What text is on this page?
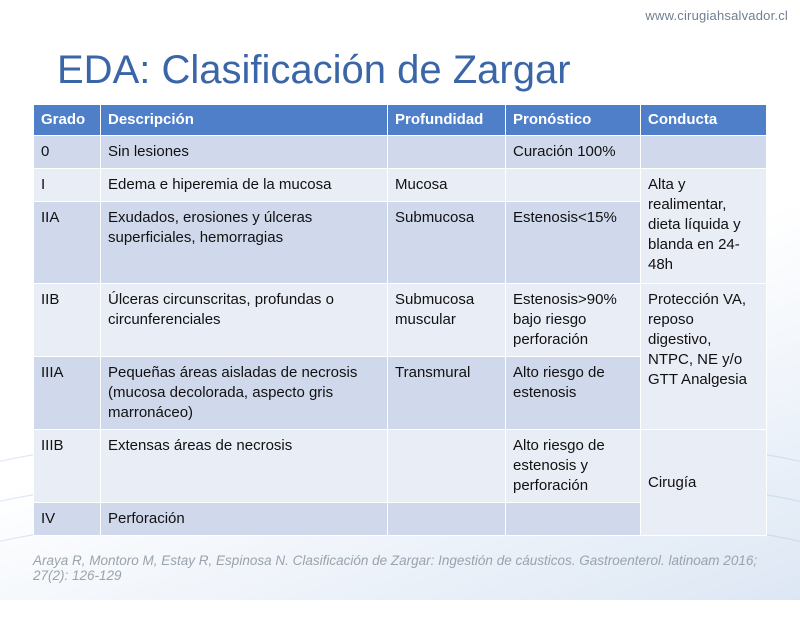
www.cirugiahsalvador.cl
EDA: Clasificación de Zargar
Grado	Descripción	Profundidad	Pronóstico	Conducta
0	Sin lesiones		Curación 100%	
I	Edema e hiperemia de la mucosa	Mucosa		Alta y realimentar, dieta líquida y blanda en 24-48h
IIA	Exudados, erosiones y úlceras superficiales, hemorragias	Submucosa	Estenosis<15%	
IIB	Úlceras circunscritas, profundas o circunferenciales	Submucosa muscular	Estenosis>90% bajo riesgo perforación	Protección VA, reposo digestivo, NTPC, NE y/o GTT Analgesia
IIIA	Pequeñas áreas aisladas de necrosis (mucosa decolorada, aspecto gris marronáceo)	Transmural	Alto riesgo de estenosis	
IIIB	Extensas áreas de necrosis		Alto riesgo de estenosis y perforación	Cirugía
IV	Perforación			
Araya R, Montoro M, Estay R, Espinosa N. Clasificación de Zargar: Ingestión de cáusticos. Gastroenterol. latinoam 2016; 27(2): 126-129
